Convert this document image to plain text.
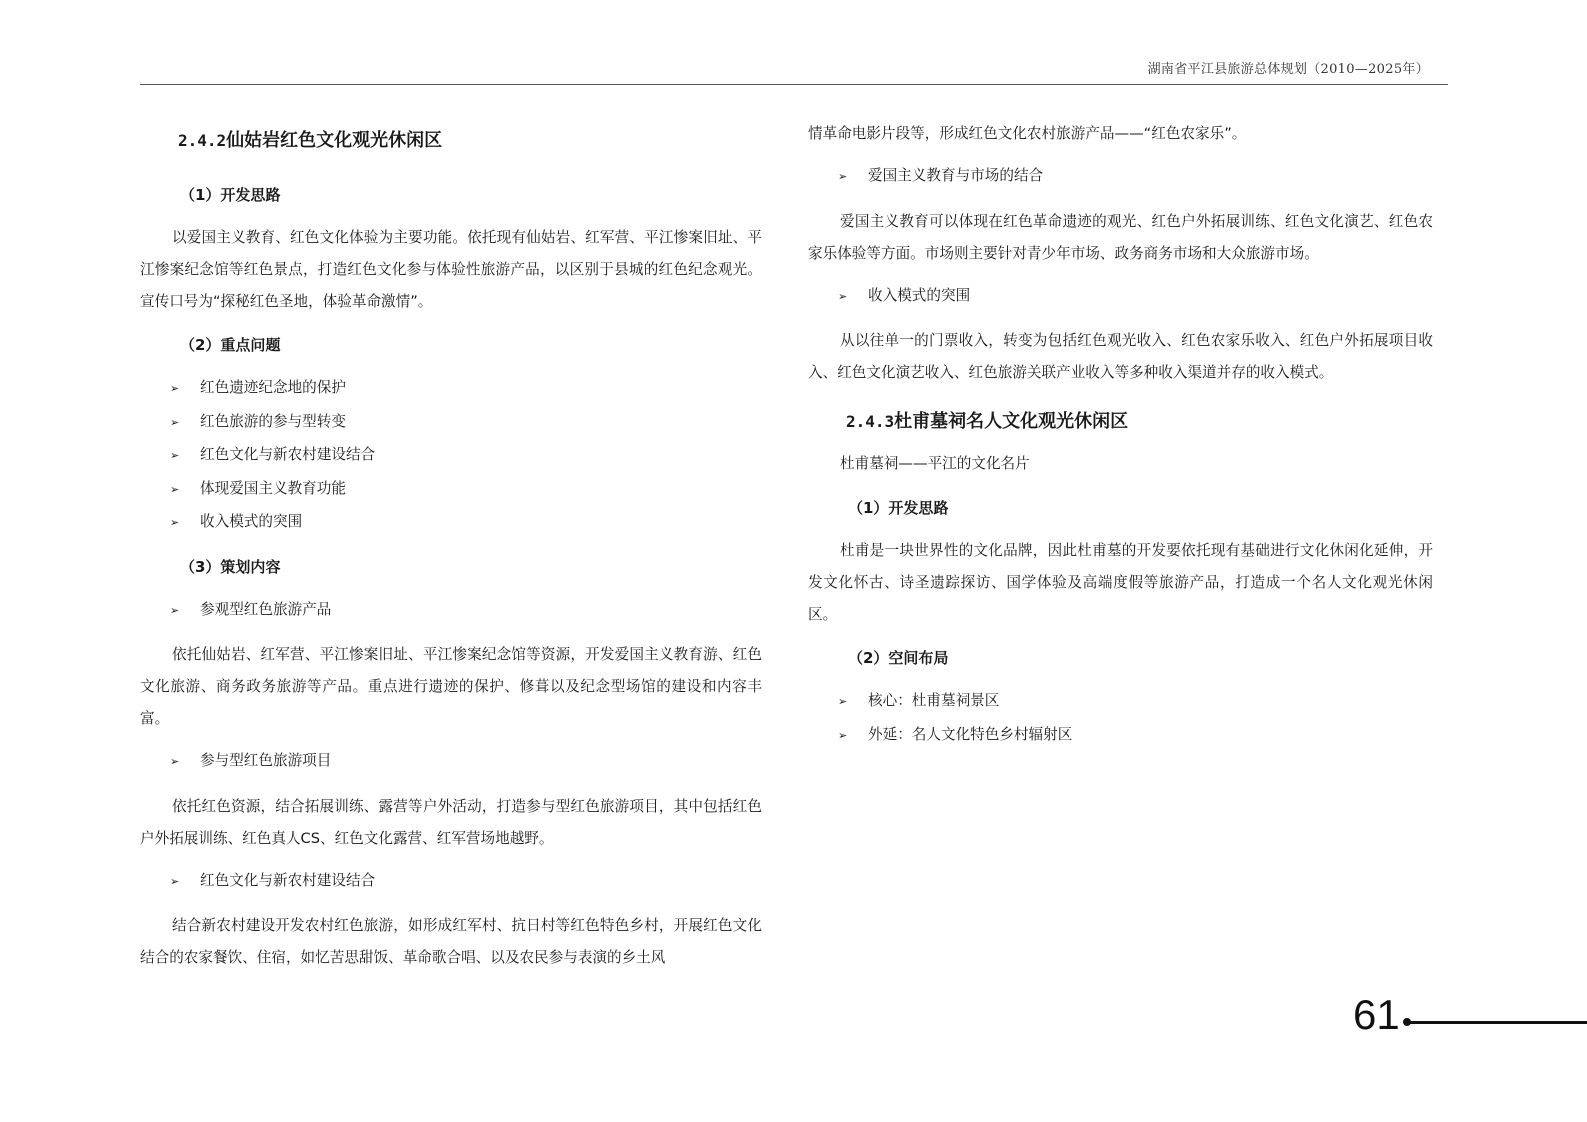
湖南省平江县旅游总体规划（2010—2025年）
2.4.2仙姑岩红色文化观光休闲区
（1）开发思路

以爱国主义教育、红色文化体验为主要功能。依托现有仙姑岩、红军营、平江惨案旧址、平江惨案纪念馆等红色景点，打造红色文化参与体验性旅游产品，以区别于县城的红色纪念观光。宣传口号为“探秘红色圣地，体验革命激情”。

（2）重点问题
➢ 红色遗迹纪念地的保护
➢ 红色旅游的参与型转变
➢ 红色文化与新农村建设结合
➢ 体现爱国主义教育功能
➢ 收入模式的突围
（3）策划内容
➢ 参观型红色旅游产品

依托仙姑岩、红军营、平江惨案旧址、平江惨案纪念馆等资源，开发爱国主义教育游、红色文化旅游、商务政务旅游等产品。重点进行遗迹的保护、修葺以及纪念型场馆的建设和内容丰富。

➢ 参与型红色旅游项目

依托红色资源，结合拓展训练、露营等户外活动，打造参与型红色旅游项目，其中包括红色户外拓展训练、红色真人CS、红色文化露营、红军营场地越野。

➢ 红色文化与新农村建设结合

结合新农村建设开发农村红色旅游，如形成红军村、抗日村等红色特色乡村，开展红色文化结合的农家餐饮、住宿，如忆苦思甜饭、革命歌合唱、以及农民参与表演的乡土风

情革命电影片段等，形成红色文化农村旅游产品——“红色农家乐”。

➢ 爱国主义教育与市场的结合

爱国主义教育可以体现在红色革命遗迹的观光、红色户外拓展训练、红色文化演艺、红色农家乐体验等方面。市场则主要针对青少年市场、政务商务市场和大众旅游市场。

➢ 收入模式的突围

从以往单一的门票收入，转变为包括红色观光收入、红色农家乐收入、红色户外拓展项目收入、红色文化演艺收入、红色旅游关联产业收入等多种收入渠道并存的收入模式。

2.4.3杜甫墓祠名人文化观光休闲区
杜甫墓祠——平江的文化名片
（1）开发思路

杜甫是一块世界性的文化品牌，因此杜甫墓的开发要依托现有基础进行文化休闲化延伸，开发文化怀古、诗圣遗踪探访、国学体验及高端度假等旅游产品，打造成一个名人文化观光休闲区。

（2）空间布局
➢ 核心：杜甫墓祠景区
➢ 外延：名人文化特色乡村辐射区
61
